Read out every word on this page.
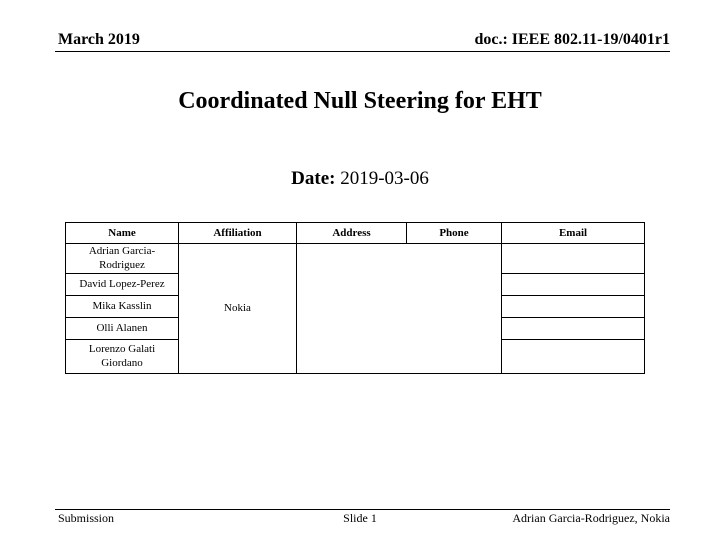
March 2019	doc.: IEEE 802.11-19/0401r1
Coordinated Null Steering for EHT
Date: 2019-03-06
Name	Affiliation	Address	Phone	Email
Adrian Garcia-Rodriguez	Nokia			
David Lopez-Perez				
Mika Kasslin				
Olli Alanen				
Lorenzo Galati Giordano				
Submission	Slide 1	Adrian Garcia-Rodriguez, Nokia
